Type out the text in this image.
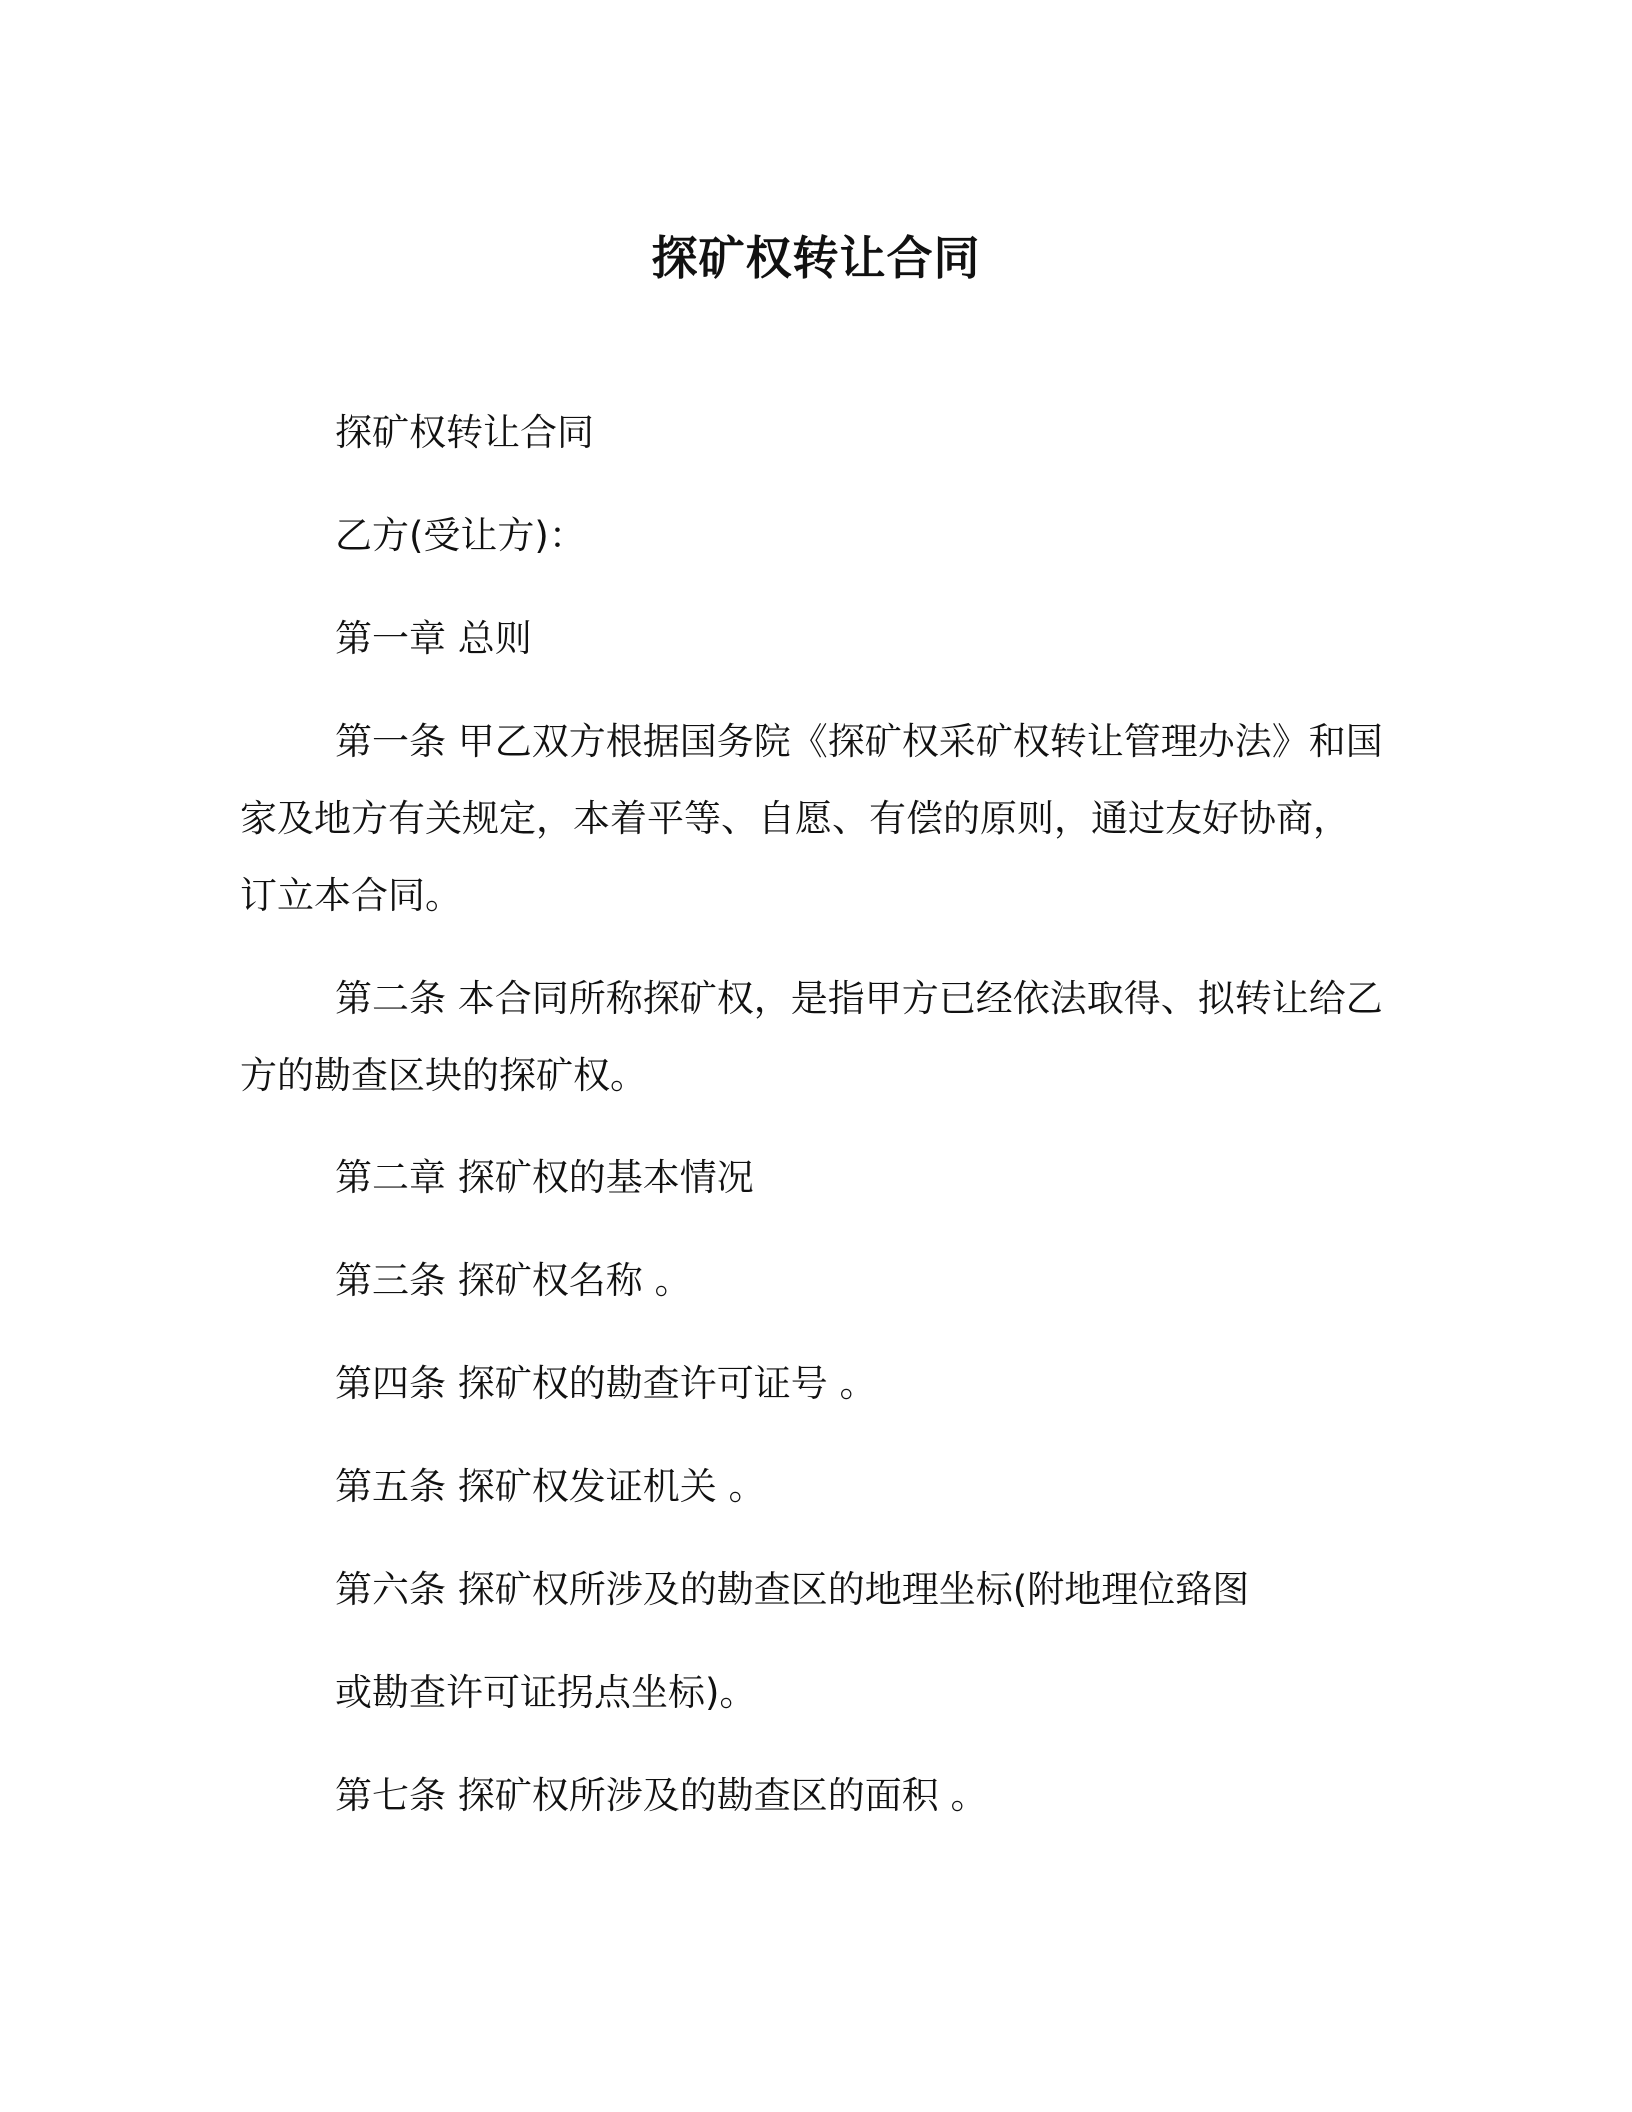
探矿权转让合同

探矿权转让合同

乙方(受让方)：

第一章 总则

第一条 甲乙双方根据国务院《探矿权采矿权转让管理办法》和国家及地方有关规定，本着平等、自愿、有偿的原则，通过友好协商，订立本合同。

第二条 本合同所称探矿权，是指甲方已经依法取得、拟转让给乙方的勘查区块的探矿权。

第二章 探矿权的基本情况

第三条 探矿权名称 。

第四条 探矿权的勘查许可证号 。

第五条 探矿权发证机关 。

第六条 探矿权所涉及的勘查区的地理坐标(附地理位臵图

或勘查许可证拐点坐标)。

第七条 探矿权所涉及的勘查区的面积 。
